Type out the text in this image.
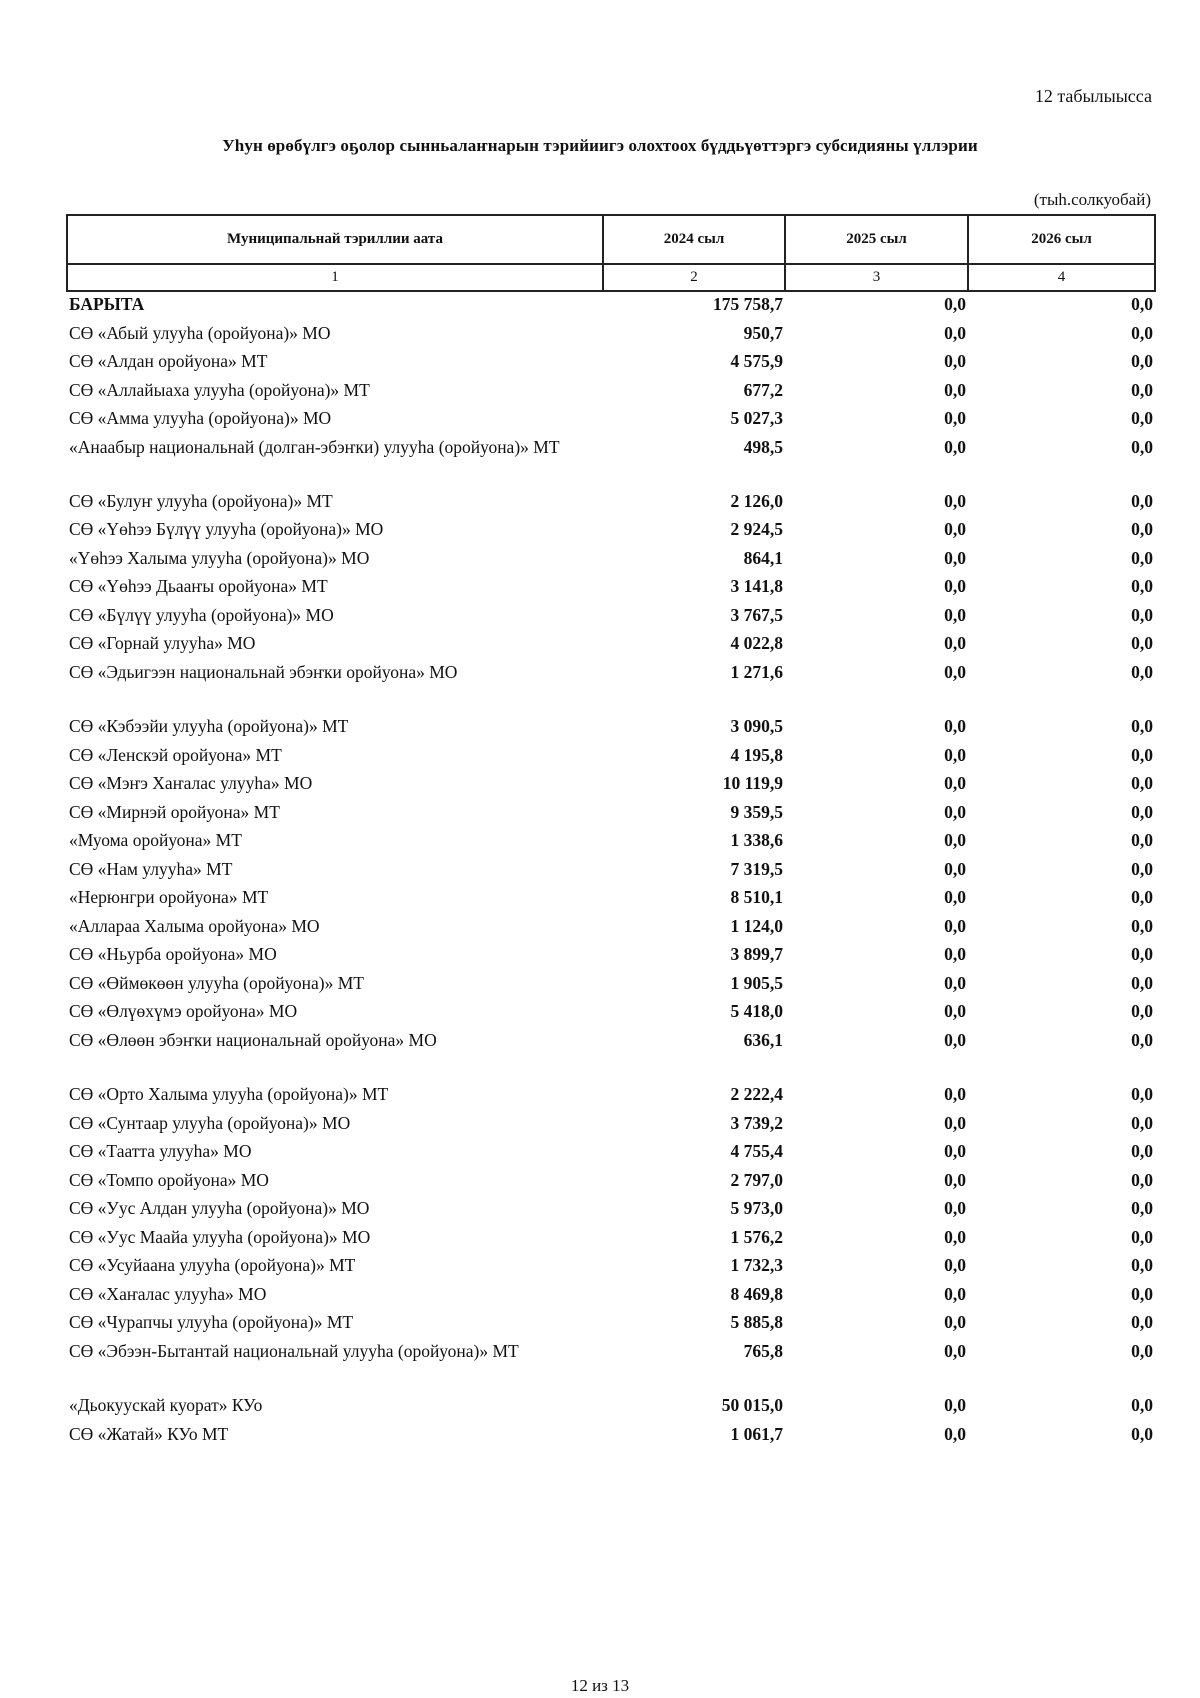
12 табылыысса
Уһун өрөбүлгэ оҕолор сынньалаҥнарын тэрийиигэ олохтоох бүддьүөттэргэ субсидияны үллэрии
(тыһ.солкуобай)
Муниципальнай тэриллии аата	2024 сыл	2025 сыл	2026 сыл
1	2	3	4
БАРЫТА	175 758,7	0,0	0,0
СӨ «Абый улууһа (оройуона)» МО	950,7	0,0	0,0
СӨ «Алдан оройуона» МТ	4 575,9	0,0	0,0
СӨ «Аллайыаха улууһа (оройуона)» МТ	677,2	0,0	0,0
СӨ «Амма улууһа (оройуона)» МО	5 027,3	0,0	0,0
«Анаабыр национальнай (долган-эбэҥки) улууһа (оройуона)» МТ	498,5	0,0	0,0
СӨ «Булуҥ улууһа (оройуона)» МТ	2 126,0	0,0	0,0
СӨ «Үөһээ Бүлүү улууһа (оройуона)» МО	2 924,5	0,0	0,0
«Үөһээ Халыма улууһа (оройуона)» МО	864,1	0,0	0,0
СӨ «Үөһээ Дьааҥы оройуона» МТ	3 141,8	0,0	0,0
СӨ «Бүлүү улууһа (оройуона)» МО	3 767,5	0,0	0,0
СӨ «Горнай улууһа» МО	4 022,8	0,0	0,0
СӨ «Эдьигээн национальнай эбэҥки оройуона» МО	1 271,6	0,0	0,0

СӨ «Кэбээйи улууһа (оройуона)» МТ	3 090,5	0,0	0,0
СӨ «Ленскэй оройуона» МТ	4 195,8	0,0	0,0
СӨ «Мэҥэ Хаҥалас улууһа» МО	10 119,9	0,0	0,0
СӨ «Мирнэй оройуона» МТ	9 359,5	0,0	0,0
«Муома оройуона» МТ	1 338,6	0,0	0,0
СӨ «Нам улууһа» МТ	7 319,5	0,0	0,0
«Нерюнгри оройуона» МТ	8 510,1	0,0	0,0
«Аллараа Халыма оройуона» МО	1 124,0	0,0	0,0
СӨ «Ньурба оройуона» МО	3 899,7	0,0	0,0
СӨ «Өймөкөөн улууһа (оройуона)» МТ	1 905,5	0,0	0,0
СӨ «Өлүөхүмэ оройуона» МО	5 418,0	0,0	0,0
СӨ «Өлөөн эбэҥки национальнай оройуона» МО	636,1	0,0	0,0

СӨ «Орто Халыма улууһа (оройуона)» МТ	2 222,4	0,0	0,0
СӨ «Сунтаар улууһа (оройуона)» МО	3 739,2	0,0	0,0
СӨ «Таатта улууһа» МО	4 755,4	0,0	0,0
СӨ «Томпо оройуона» МО	2 797,0	0,0	0,0
СӨ «Уус Алдан улууһа (оройуона)» МО	5 973,0	0,0	0,0
СӨ «Уус Маайа улууһа (оройуона)» МО	1 576,2	0,0	0,0
СӨ «Усуйаана улууһа (оройуона)» МТ	1 732,3	0,0	0,0
СӨ «Хаҥалас улууһа» МО	8 469,8	0,0	0,0
СӨ «Чурапчы улууһа (оройуона)» МТ	5 885,8	0,0	0,0
СӨ «Эбээн-Бытантай национальнай улууһа (оройуона)» МТ	765,8	0,0	0,0

«Дьокуускай куорат» КУо	50 015,0	0,0	0,0
СӨ «Жатай» КУо МТ	1 061,7	0,0	0,0
12 из 13
